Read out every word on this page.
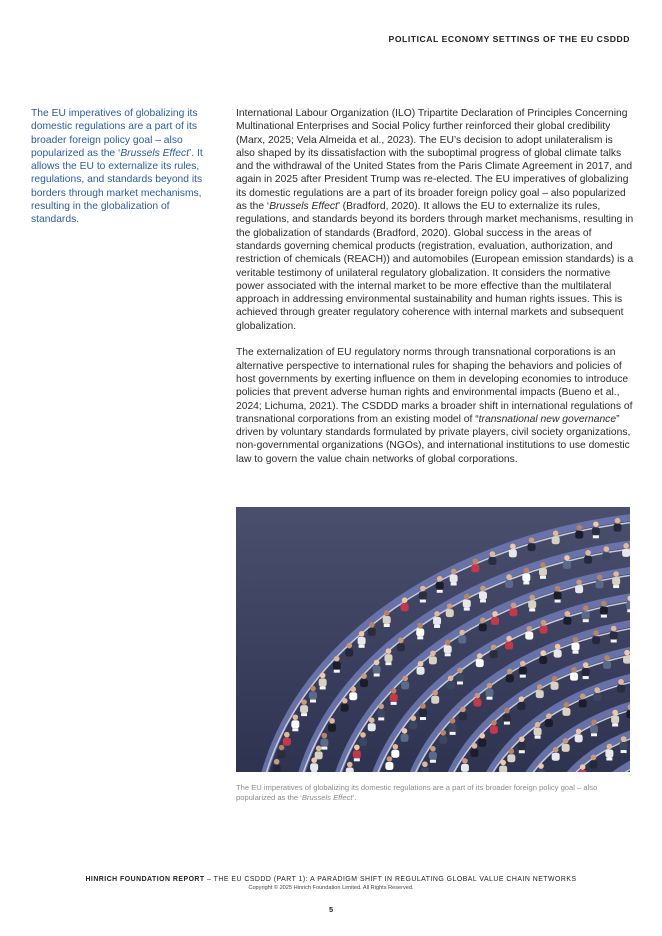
POLITICAL ECONOMY SETTINGS OF THE EU CSDDD
The EU imperatives of globalizing its domestic regulations are a part of its broader foreign policy goal – also popularized as the ‘Brussels Effect’. It allows the EU to externalize its rules, regulations, and standards beyond its borders through market mechanisms, resulting in the globalization of standards.

International Labour Organization (ILO) Tripartite Declaration of Principles Concerning Multinational Enterprises and Social Policy further reinforced their global credibility (Marx, 2025; Vela Almeida et al., 2023). The EU’s decision to adopt unilateralism is also shaped by its dissatisfaction with the suboptimal progress of global climate talks and the withdrawal of the United States from the Paris Climate Agreement in 2017, and again in 2025 after President Trump was re-elected. The EU imperatives of globalizing its domestic regulations are a part of its broader foreign policy goal – also popularized as the ‘Brussels Effect’ (Bradford, 2020). It allows the EU to externalize its rules, regulations, and standards beyond its borders through market mechanisms, resulting in the globalization of standards (Bradford, 2020). Global success in the areas of standards governing chemical products (registration, evaluation, authorization, and restriction of chemicals (REACH)) and automobiles (European emission standards) is a veritable testimony of unilateral regulatory globalization. It considers the normative power associated with the internal market to be more effective than the multilateral approach in addressing environmental sustainability and human rights issues. This is achieved through greater regulatory coherence with internal markets and subsequent globalization.

The externalization of EU regulatory norms through transnational corporations is an alternative perspective to international rules for shaping the behaviors and policies of host governments by exerting influence on them in developing economies to introduce policies that prevent adverse human rights and environmental impacts (Bueno et al., 2024; Lichuma, 2021). The CSDDD marks a broader shift in international regulations of transnational corporations from an existing model of “transnational new governance” driven by voluntary standards formulated by private players, civil society organizations, non-governmental organizations (NGOs), and international institutions to use domestic law to govern the value chain networks of global corporations.

The EU imperatives of globalizing its domestic regulations are a part of its broader foreign policy goal – also popularized as the ‘Brussels Effect’.
HINRICH FOUNDATION REPORT – THE EU CSDDD (PART 1): A PARADIGM SHIFT IN REGULATING GLOBAL VALUE CHAIN NETWORKS
Copyright © 2025 Hinrich Foundation Limited. All Rights Reserved.
5
